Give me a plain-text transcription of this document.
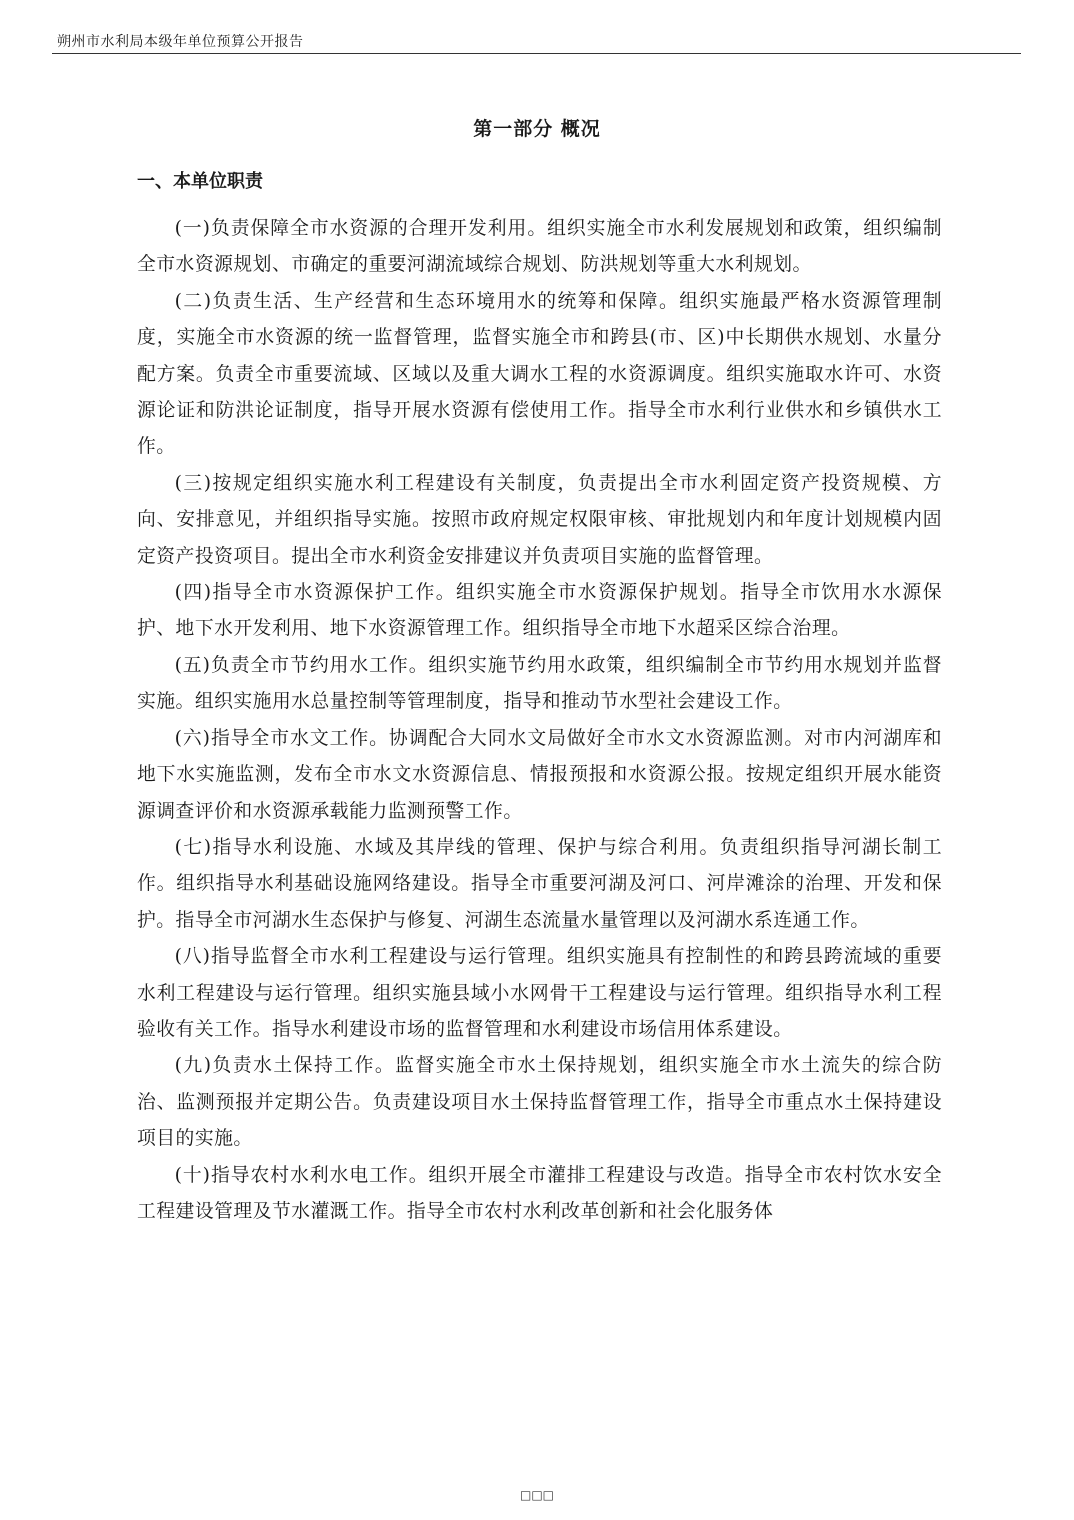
朔州市水利局本级年单位预算公开报告
第一部分 概况
一、本单位职责

(一)负责保障全市水资源的合理开发利用。组织实施全市水利发展规划和政策，组织编制全市水资源规划、市确定的重要河湖流域综合规划、防洪规划等重大水利规划。

(二)负责生活、生产经营和生态环境用水的统筹和保障。组织实施最严格水资源管理制度，实施全市水资源的统一监督管理，监督实施全市和跨县(市、区)中长期供水规划、水量分配方案。负责全市重要流域、区域以及重大调水工程的水资源调度。组织实施取水许可、水资源论证和防洪论证制度，指导开展水资源有偿使用工作。指导全市水利行业供水和乡镇供水工作。

(三)按规定组织实施水利工程建设有关制度，负责提出全市水利固定资产投资规模、方向、安排意见，并组织指导实施。按照市政府规定权限审核、审批规划内和年度计划规模内固定资产投资项目。提出全市水利资金安排建议并负责项目实施的监督管理。

(四)指导全市水资源保护工作。组织实施全市水资源保护规划。指导全市饮用水水源保护、地下水开发利用、地下水资源管理工作。组织指导全市地下水超采区综合治理。

(五)负责全市节约用水工作。组织实施节约用水政策，组织编制全市节约用水规划并监督实施。组织实施用水总量控制等管理制度，指导和推动节水型社会建设工作。

(六)指导全市水文工作。协调配合大同水文局做好全市水文水资源监测。对市内河湖库和地下水实施监测，发布全市水文水资源信息、情报预报和水资源公报。按规定组织开展水能资源调查评价和水资源承载能力监测预警工作。

(七)指导水利设施、水域及其岸线的管理、保护与综合利用。负责组织指导河湖长制工作。组织指导水利基础设施网络建设。指导全市重要河湖及河口、河岸滩涂的治理、开发和保护。指导全市河湖水生态保护与修复、河湖生态流量水量管理以及河湖水系连通工作。

(八)指导监督全市水利工程建设与运行管理。组织实施具有控制性的和跨县跨流域的重要水利工程建设与运行管理。组织实施县域小水网骨干工程建设与运行管理。组织指导水利工程验收有关工作。指导水利建设市场的监督管理和水利建设市场信用体系建设。

(九)负责水土保持工作。监督实施全市水土保持规划，组织实施全市水土流失的综合防治、监测预报并定期公告。负责建设项目水土保持监督管理工作，指导全市重点水土保持建设项目的实施。

(十)指导农村水利水电工作。组织开展全市灌排工程建设与改造。指导全市农村饮水安全工程建设管理及节水灌溉工作。指导全市农村水利改革创新和社会化服务体

□□□
